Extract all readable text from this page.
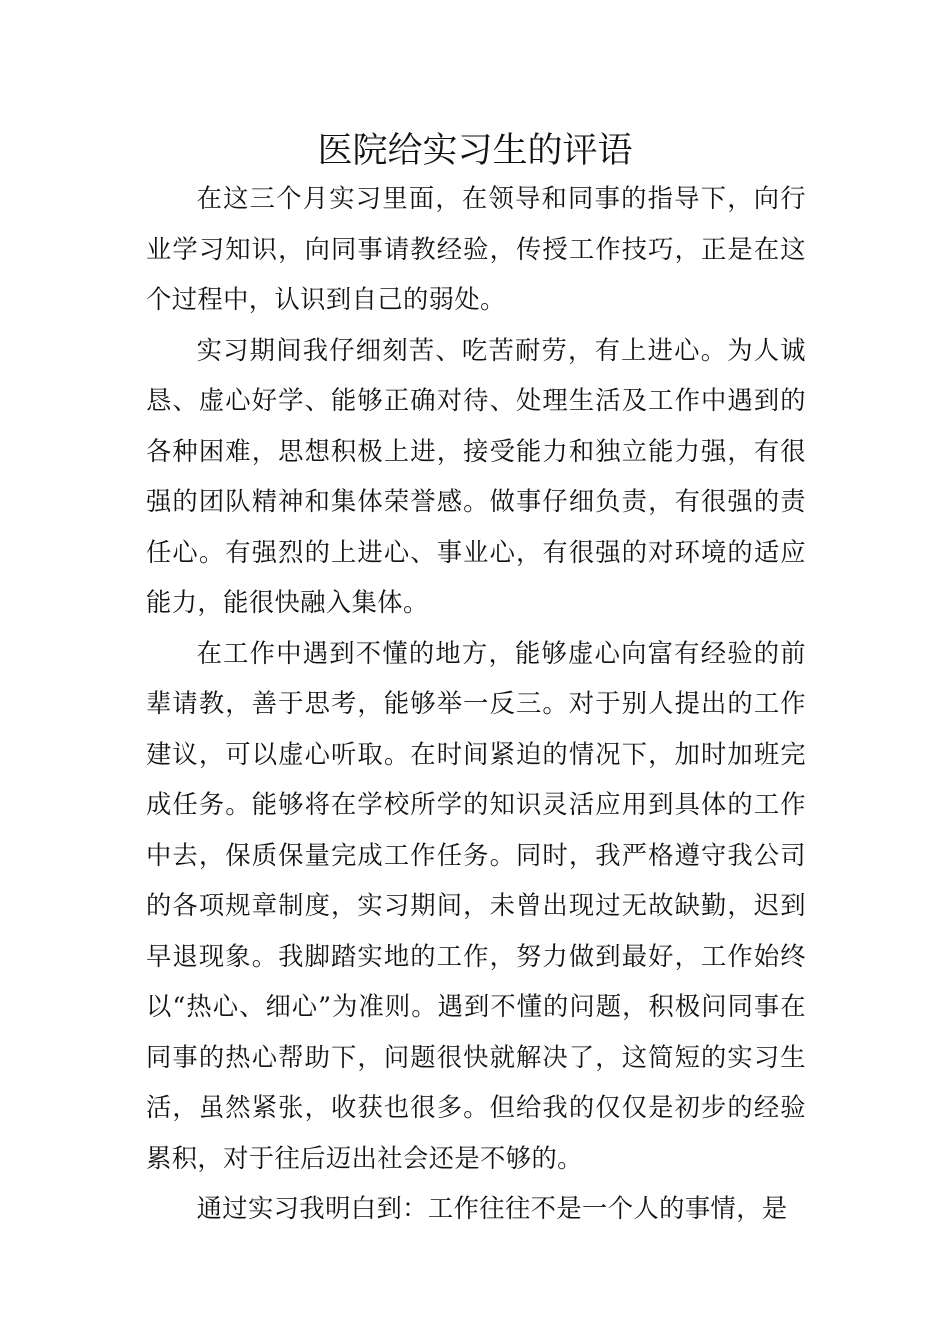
医院给实习生的评语

在这三个月实习里面，在领导和同事的指导下，向行业学习知识，向同事请教经验，传授工作技巧，正是在这个过程中，认识到自己的弱处。

实习期间我仔细刻苦、吃苦耐劳，有上进心。为人诚恳、虚心好学、能够正确对待、处理生活及工作中遇到的各种困难，思想积极上进，接受能力和独立能力强，有很强的团队精神和集体荣誉感。做事仔细负责，有很强的责任心。有强烈的上进心、事业心，有很强的对环境的适应能力，能很快融入集体。

在工作中遇到不懂的地方，能够虚心向富有经验的前辈请教，善于思考，能够举一反三。对于别人提出的工作建议，可以虚心听取。在时间紧迫的情况下，加时加班完成任务。能够将在学校所学的知识灵活应用到具体的工作中去，保质保量完成工作任务。同时，我严格遵守我公司的各项规章制度，实习期间，未曾出现过无故缺勤，迟到早退现象。我脚踏实地的工作，努力做到最好，工作始终以“热心、细心”为准则。遇到不懂的问题，积极问同事在同事的热心帮助下，问题很快就解决了，这简短的实习生活，虽然紧张，收获也很多。但给我的仅仅是初步的经验累积，对于往后迈出社会还是不够的。

通过实习我明白到：工作往往不是一个人的事情，是
